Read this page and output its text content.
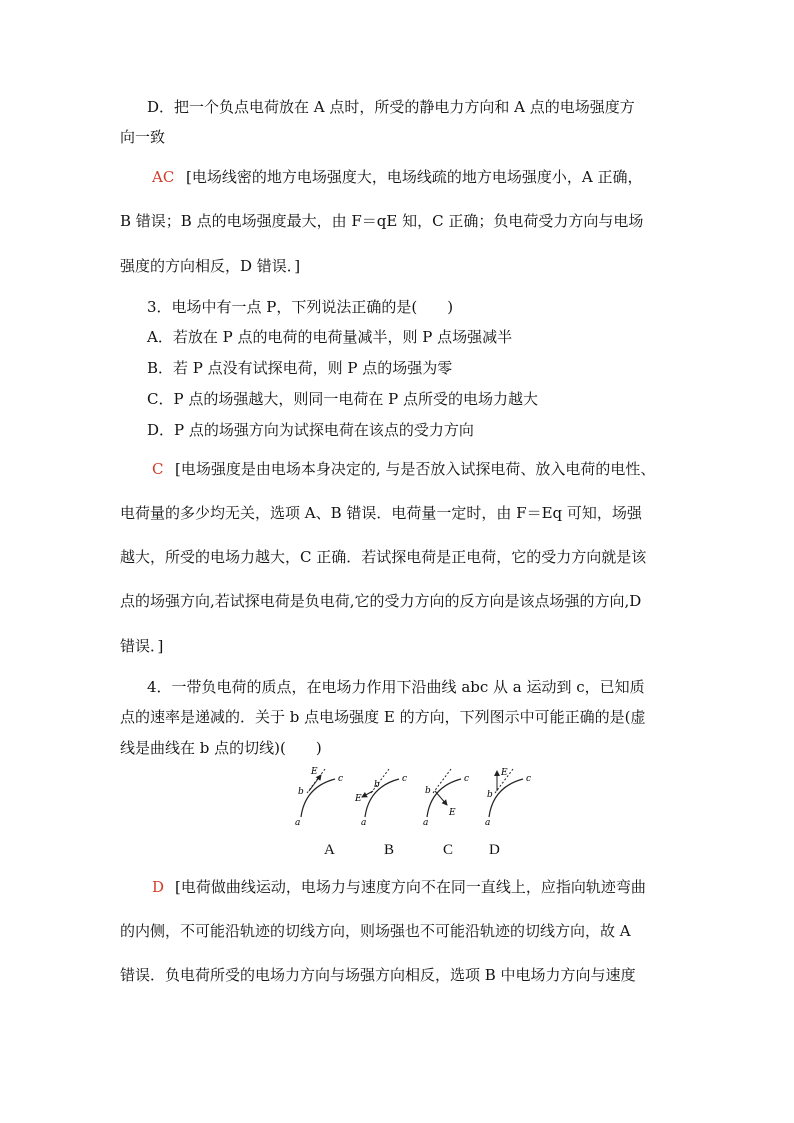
D．把一个负点电荷放在 A 点时，所受的静电力方向和 A 点的电场强度方
向一致
AC [电场线密的地方电场强度大，电场线疏的地方电场强度小，A 正确，
B 错误；B 点的电场强度最大，由 F＝qE 知，C 正确；负电荷受力方向与电场
强度的方向相反，D 错误．]
3．电场中有一点 P，下列说法正确的是(　　)
A．若放在 P 点的电荷的电荷量减半，则 P 点场强减半
B．若 P 点没有试探电荷，则 P 点的场强为零
C．P 点的场强越大，则同一电荷在 P 点所受的电场力越大
D．P 点的场强方向为试探电荷在该点的受力方向
C [电场强度是由电场本身决定的, 与是否放入试探电荷、放入电荷的电性、
电荷量的多少均无关，选项 A、B 错误．电荷量一定时，由 F＝Eq 可知，场强
越大，所受的电场力越大，C 正确．若试探电荷是正电荷，它的受力方向就是该
点的场强方向,若试探电荷是负电荷,它的受力方向的反方向是该点场强的方向,D
错误．]
4．一带负电荷的质点，在电场力作用下沿曲线 abc 从 a 运动到 c，已知质
点的速率是递减的．关于 b 点电场强度 E 的方向，下列图示中可能正确的是(虚
线是曲线在 b 点的切线)(　　)
E
b
c
a
E
b
c
a
E
b
c
a
E
b
c
a
A	B	C D
D [电荷做曲线运动，电场力与速度方向不在同一直线上，应指向轨迹弯曲
的内侧，不可能沿轨迹的切线方向，则场强也不可能沿轨迹的切线方向，故 A
错误．负电荷所受的电场力方向与场强方向相反，选项 B 中电场力方向与速度
